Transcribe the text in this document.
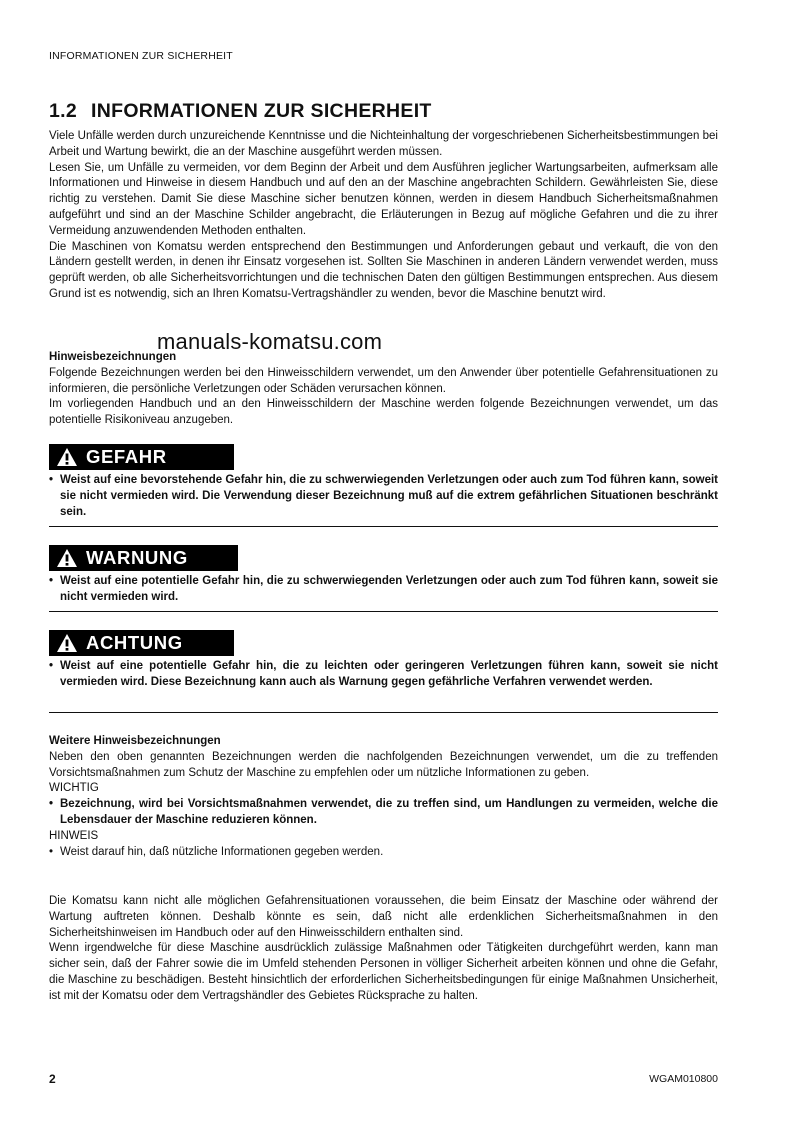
INFORMATIONEN ZUR SICHERHEIT
1.2 INFORMATIONEN ZUR SICHERHEIT

Viele Unfälle werden durch unzureichende Kenntnisse und die Nichteinhaltung der vorgeschriebenen Sicherheitsbestimmungen bei Arbeit und Wartung bewirkt, die an der Maschine ausgeführt werden müssen.

Lesen Sie, um Unfälle zu vermeiden, vor dem Beginn der Arbeit und dem Ausführen jeglicher Wartungsarbeiten, aufmerksam alle Informationen und Hinweise in diesem Handbuch und auf den an der Maschine angebrachten Schildern. Gewährleisten Sie, diese richtig zu verstehen. Damit Sie diese Maschine sicher benutzen können, werden in diesem Handbuch Sicherheitsmaßnahmen aufgeführt und sind an der Maschine Schilder angebracht, die Erläuterungen in Bezug auf mögliche Gefahren und die zu ihrer Vermeidung anzuwendenden Methoden enthalten.

Die Maschinen von Komatsu werden entsprechend den Bestimmungen und Anforderungen gebaut und verkauft, die von den Ländern gestellt werden, in denen ihr Einsatz vorgesehen ist. Sollten Sie Maschinen in anderen Ländern verwendet werden, muss geprüft werden, ob alle Sicherheitsvorrichtungen und die technischen Daten den gültigen Bestimmungen entsprechen. Aus diesem Grund ist es notwendig, sich an Ihren Komatsu-Vertragshändler zu wenden, bevor die Maschine benutzt wird.

manuals-komatsu.com

Hinweisbezeichnungen

Folgende Bezeichnungen werden bei den Hinweisschildern verwendet, um den Anwender über potentielle Gefahrensituationen zu informieren, die persönliche Verletzungen oder Schäden verursachen können.

Im vorliegenden Handbuch und an den Hinweisschildern der Maschine werden folgende Bezeichnungen verwendet, um das potentielle Risikoniveau anzugeben.

GEFAHR
• Weist auf eine bevorstehende Gefahr hin, die zu schwerwiegenden Verletzungen oder auch zum Tod führen kann, soweit sie nicht vermieden wird. Die Verwendung dieser Bezeichnung muß auf die extrem gefährlichen Situationen beschränkt sein.
WARNUNG
• Weist auf eine potentielle Gefahr hin, die zu schwerwiegenden Verletzungen oder auch zum Tod führen kann, soweit sie nicht vermieden wird.
ACHTUNG
• Weist auf eine potentielle Gefahr hin, die zu leichten oder geringeren Verletzungen führen kann, soweit sie nicht vermieden wird. Diese Bezeichnung kann auch als Warnung gegen gefährliche Verfahren verwendet werden.

Weitere Hinweisbezeichnungen

Neben den oben genannten Bezeichnungen werden die nachfolgenden Bezeichnungen verwendet, um die zu treffenden Vorsichtsmaßnahmen zum Schutz der Maschine zu empfehlen oder um nützliche Informationen zu geben.

WICHTIG

• Bezeichnung, wird bei Vorsichtsmaßnahmen verwendet, die zu treffen sind, um Handlungen zu vermeiden, welche die Lebensdauer der Maschine reduzieren können.

HINWEIS

• Weist darauf hin, daß nützliche Informationen gegeben werden.

Die Komatsu kann nicht alle möglichen Gefahrensituationen voraussehen, die beim Einsatz der Maschine oder während der Wartung auftreten können. Deshalb könnte es sein, daß nicht alle erdenklichen Sicherheitsmaßnahmen in den Sicherheitshinweisen im Handbuch oder auf den Hinweisschildern enthalten sind.

Wenn irgendwelche für diese Maschine ausdrücklich zulässige Maßnahmen oder Tätigkeiten durchgeführt werden, kann man sicher sein, daß der Fahrer sowie die im Umfeld stehenden Personen in völliger Sicherheit arbeiten können und ohne die Gefahr, die Maschine zu beschädigen. Besteht hinsichtlich der erforderlichen Sicherheitsbedingungen für einige Maßnahmen Unsicherheit, ist mit der Komatsu oder dem Vertragshändler des Gebietes Rücksprache zu halten.

2	WGAM010800
